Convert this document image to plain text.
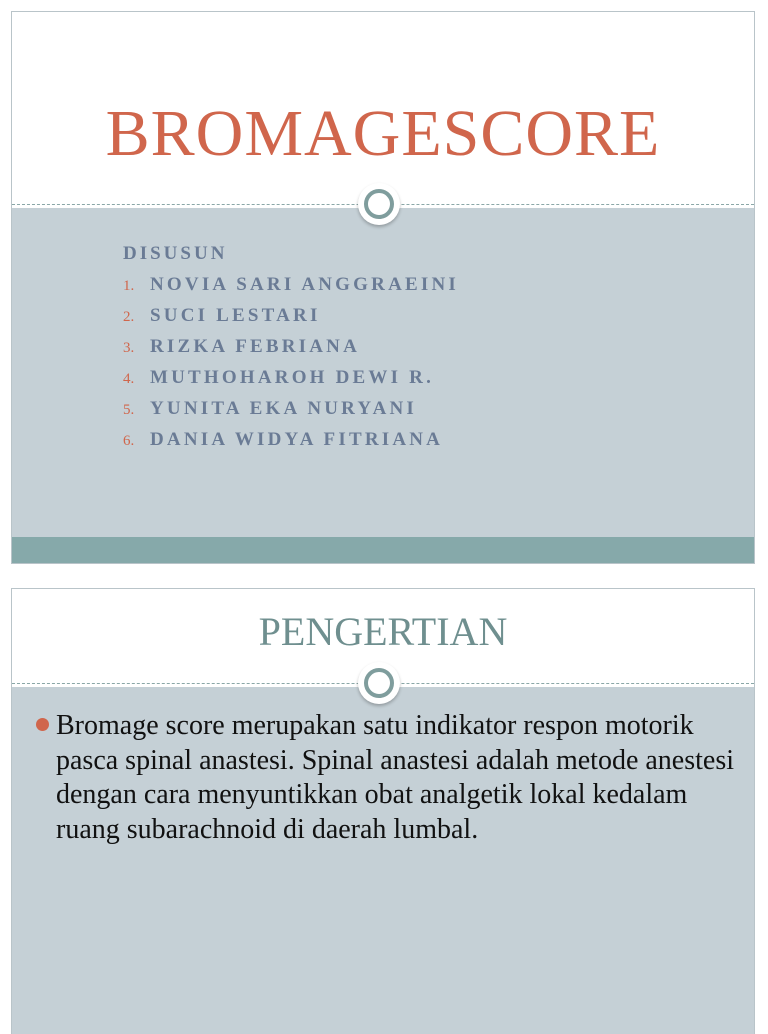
BROMAGESCORE
DISUSUN
1. NOVIA SARI ANGGRAEINI
2. SUCI LESTARI
3. RIZKA FEBRIANA
4. MUTHOHAROH DEWI R.
5. YUNITA EKA NURYANI
6. DANIA WIDYA FITRIANA
PENGERTIAN

Bromage score merupakan satu indikator respon motorik pasca spinal anastesi. Spinal anastesi adalah metode anestesi dengan cara menyuntikkan obat analgetik lokal kedalam ruang subarachnoid di daerah lumbal.
